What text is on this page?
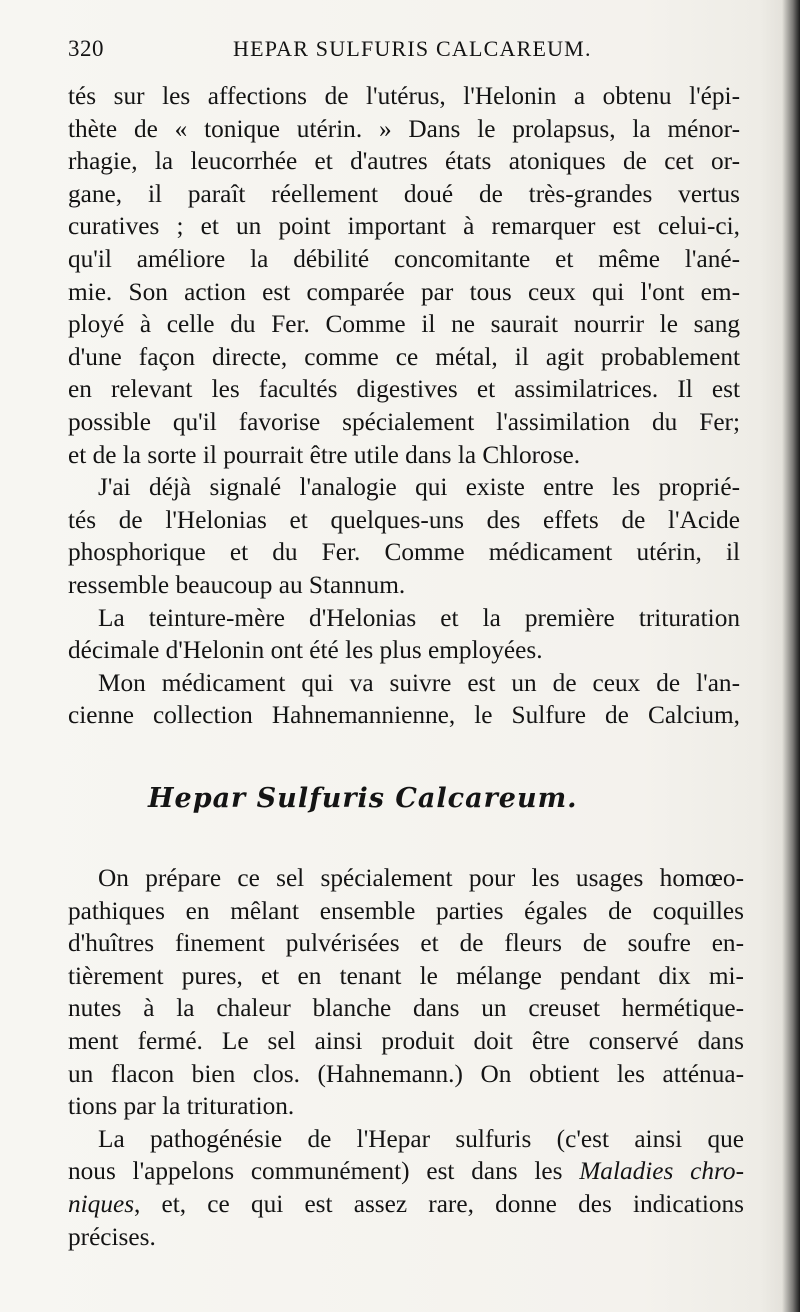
320	HEPAR SULFURIS CALCAREUM.
tés sur les affections de l'utérus, l'Helonin a obtenu l'épi-
thète de « tonique utérin. » Dans le prolapsus, la ménor-
rhagie, la leucorrhée et d'autres états atoniques de cet or-
gane, il paraît réellement doué de très-grandes vertus
curatives ; et un point important à remarquer est celui-ci,
qu'il améliore la débilité concomitante et même l'ané-
mie. Son action est comparée par tous ceux qui l'ont em-
ployé à celle du Fer. Comme il ne saurait nourrir le sang
d'une façon directe, comme ce métal, il agit probablement
en relevant les facultés digestives et assimilatrices. Il est
possible qu'il favorise spécialement l'assimilation du Fer;
et de la sorte il pourrait être utile dans la Chlorose.
J'ai déjà signalé l'analogie qui existe entre les proprié-
tés de l'Helonias et quelques-uns des effets de l'Acide
phosphorique et du Fer. Comme médicament utérin, il
ressemble beaucoup au Stannum.
La teinture-mère d'Helonias et la première trituration
décimale d'Helonin ont été les plus employées.
Mon médicament qui va suivre est un de ceux de l'an-
cienne collection Hahnemannienne, le Sulfure de Calcium,
Hepar Sulfuris Calcareum.
On prépare ce sel spécialement pour les usages homœo-
pathiques en mêlant ensemble parties égales de coquilles
d'huîtres finement pulvérisées et de fleurs de soufre en-
tièrement pures, et en tenant le mélange pendant dix mi-
nutes à la chaleur blanche dans un creuset hermétique-
ment fermé. Le sel ainsi produit doit être conservé dans
un flacon bien clos. (Hahnemann.) On obtient les atténua-
tions par la trituration.
La pathogénésie de l'Hepar sulfuris (c'est ainsi que
nous l'appelons communément) est dans les Maladies chro-
niques, et, ce qui est assez rare, donne des indications
précises.
